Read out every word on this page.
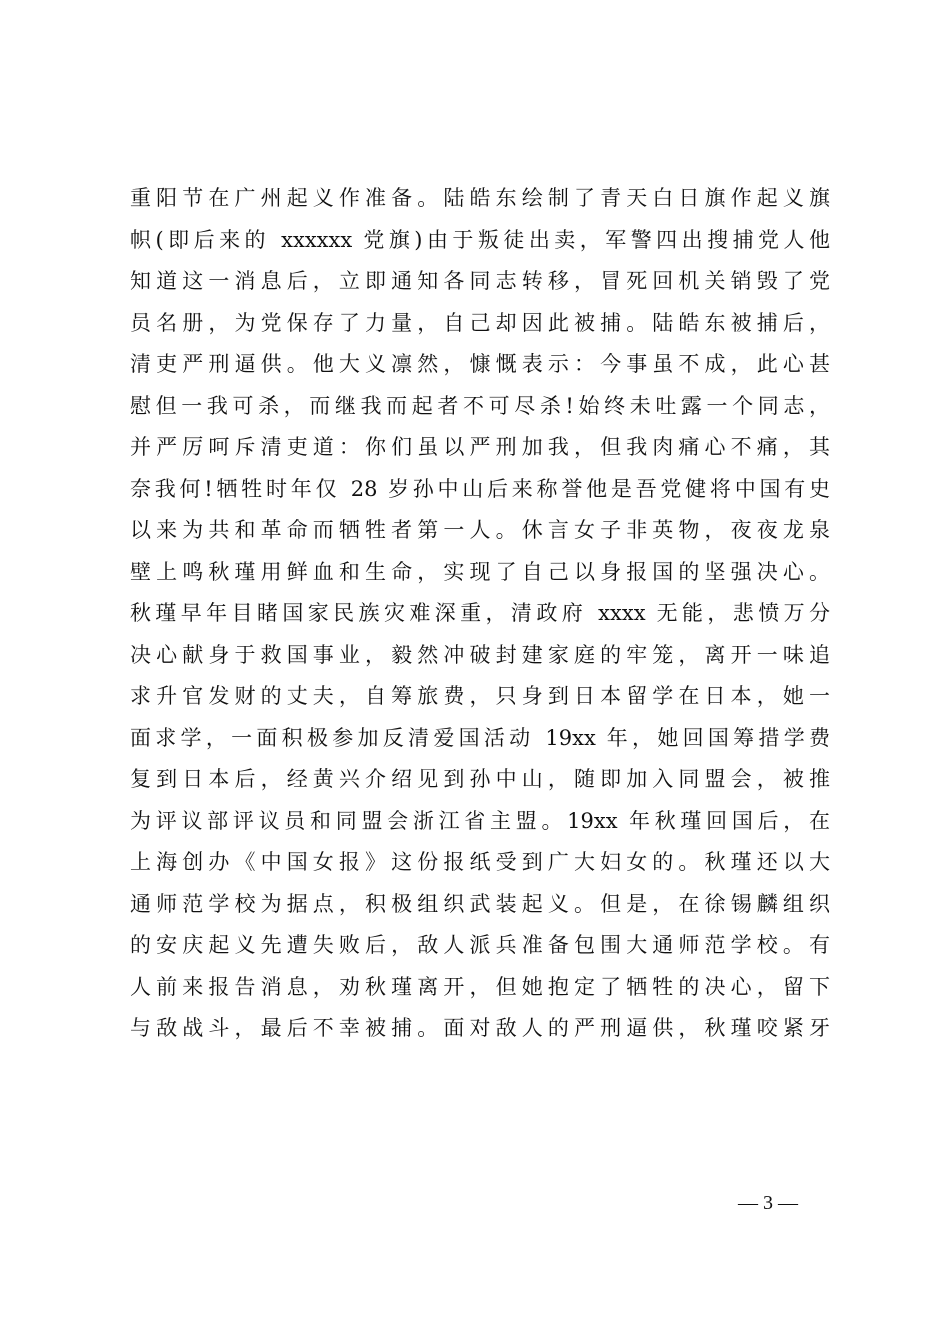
重阳节在广州起义作准备。陆皓东绘制了青天白日旗作起义旗
帜(即后来的 xxxxxx 党旗)由于叛徒出卖，军警四出搜捕党人他
知道这一消息后，立即通知各同志转移，冒死回机关销毁了党
员名册，为党保存了力量，自己却因此被捕。陆皓东被捕后，
清吏严刑逼供。他大义凛然，慷慨表示：今事虽不成，此心甚
慰但一我可杀，而继我而起者不可尽杀!始终未吐露一个同志，
并严厉呵斥清吏道：你们虽以严刑加我，但我肉痛心不痛，其
奈我何!牺牲时年仅 28 岁孙中山后来称誉他是吾党健将中国有史
以来为共和革命而牺牲者第一人。休言女子非英物，夜夜龙泉
壁上鸣秋瑾用鲜血和生命，实现了自己以身报国的坚强决心。
秋瑾早年目睹国家民族灾难深重，清政府 xxxx 无能，悲愤万分
决心献身于救国事业，毅然冲破封建家庭的牢笼，离开一味追
求升官发财的丈夫，自筹旅费，只身到日本留学在日本，她一
面求学，一面积极参加反清爱国活动 19xx 年，她回国筹措学费
复到日本后，经黄兴介绍见到孙中山，随即加入同盟会，被推
为评议部评议员和同盟会浙江省主盟。19xx 年秋瑾回国后，在
上海创办《中国女报》这份报纸受到广大妇女的。秋瑾还以大
通师范学校为据点，积极组织武装起义。但是，在徐锡麟组织
的安庆起义先遭失败后，敌人派兵准备包围大通师范学校。有
人前来报告消息，劝秋瑾离开，但她抱定了牺牲的决心，留下
与敌战斗，最后不幸被捕。面对敌人的严刑逼供，秋瑾咬紧牙
— 3 —
